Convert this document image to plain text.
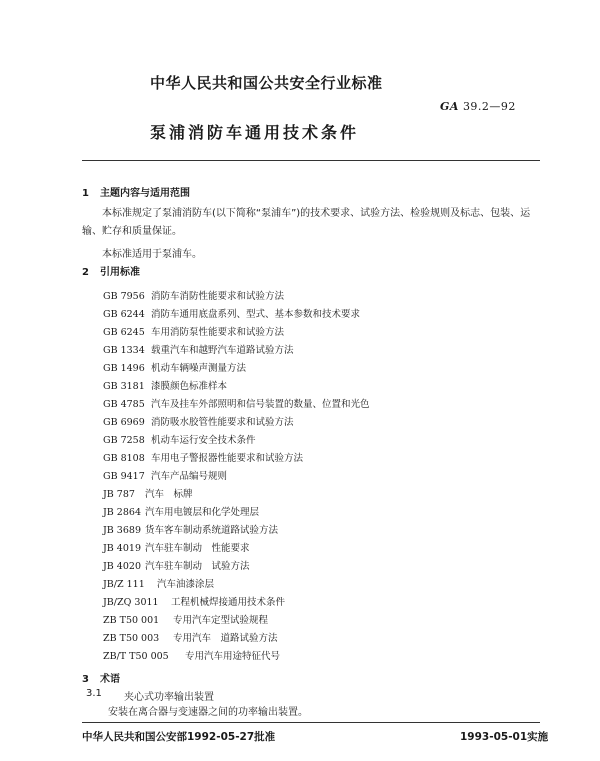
中华人民共和国公共安全行业标准
GA 39.2—92
泵浦消防车通用技术条件
1 主题内容与适用范围
本标准规定了泵浦消防车(以下简称“泵浦车”)的技术要求、试验方法、检验规则及标志、包装、运输、贮存和质量保证。
本标准适用于泵浦车。
2 引用标准
GB 7956 消防车消防性能要求和试验方法
GB 6244 消防车通用底盘系列、型式、基本参数和技术要求
GB 6245 车用消防泵性能要求和试验方法
GB 1334 载重汽车和越野汽车道路试验方法
GB 1496 机动车辆噪声测量方法
GB 3181 漆膜颜色标准样本
GB 4785 汽车及挂车外部照明和信号装置的数量、位置和光色
GB 6969 消防吸水胶管性能要求和试验方法
GB 7258 机动车运行安全技术条件
GB 8108 车用电子警报器性能要求和试验方法
GB 9417 汽车产品编号规则
JB 787 汽车　标牌
JB 2864 汽车用电镀层和化学处理层
JB 3689 货车客车制动系统道路试验方法
JB 4019 汽车驻车制动　性能要求
JB 4020 汽车驻车制动　试验方法
JB/Z 111 汽车油漆涂层
JB/ZQ 3011 工程机械焊接通用技术条件
ZB T50 001 专用汽车定型试验规程
ZB T50 003 专用汽车　道路试验方法
ZB/T T50 005 专用汽车用途特征代号
3 术语
3.1 夹心式功率输出装置
安装在离合器与变速器之间的功率输出装置。
中华人民共和国公安部1992-05-27批准	1993-05-01实施
